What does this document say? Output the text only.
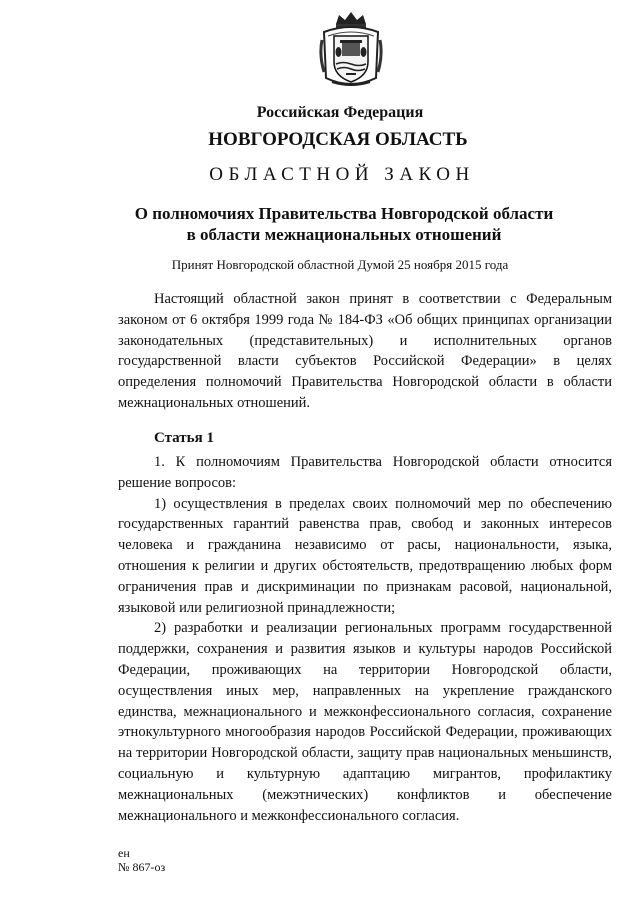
Российская Федерация

НОВГОРОДСКАЯ ОБЛАСТЬ

ОБЛАСТНОЙ ЗАКОН

О полномочиях Правительства Новгородской области
в области межнациональных отношений

Принят Новгородской областной Думой 25 ноября 2015 года

Настоящий областной закон принят в соответствии с Федеральным законом от 6 октября 1999 года № 184-ФЗ «Об общих принципах организации законодательных (представительных) и исполнительных органов государственной власти субъектов Российской Федерации» в целях определения полномочий Правительства Новгородской области в области межнациональных отношений.

Статья 1

1. К полномочиям Правительства Новгородской области относится решение вопросов:

1) осуществления в пределах своих полномочий мер по обеспечению государственных гарантий равенства прав, свобод и законных интересов человека и гражданина независимо от расы, национальности, языка, отношения к религии и других обстоятельств, предотвращению любых форм ограничения прав и дискриминации по признакам расовой, национальной, языковой или религиозной принадлежности;

2) разработки и реализации региональных программ государственной поддержки, сохранения и развития языков и культуры народов Российской Федерации, проживающих на территории Новгородской области, осуществления иных мер, направленных на укрепление гражданского единства, межнационального и межконфессионального согласия, сохранение этнокультурного многообразия народов Российской Федерации, проживающих на территории Новгородской области, защиту прав национальных меньшинств, социальную и культурную адаптацию мигрантов, профилактику межнациональных (межэтнических) конфликтов и обеспечение межнационального и межконфессионального согласия.

ен
№ 867-оз
